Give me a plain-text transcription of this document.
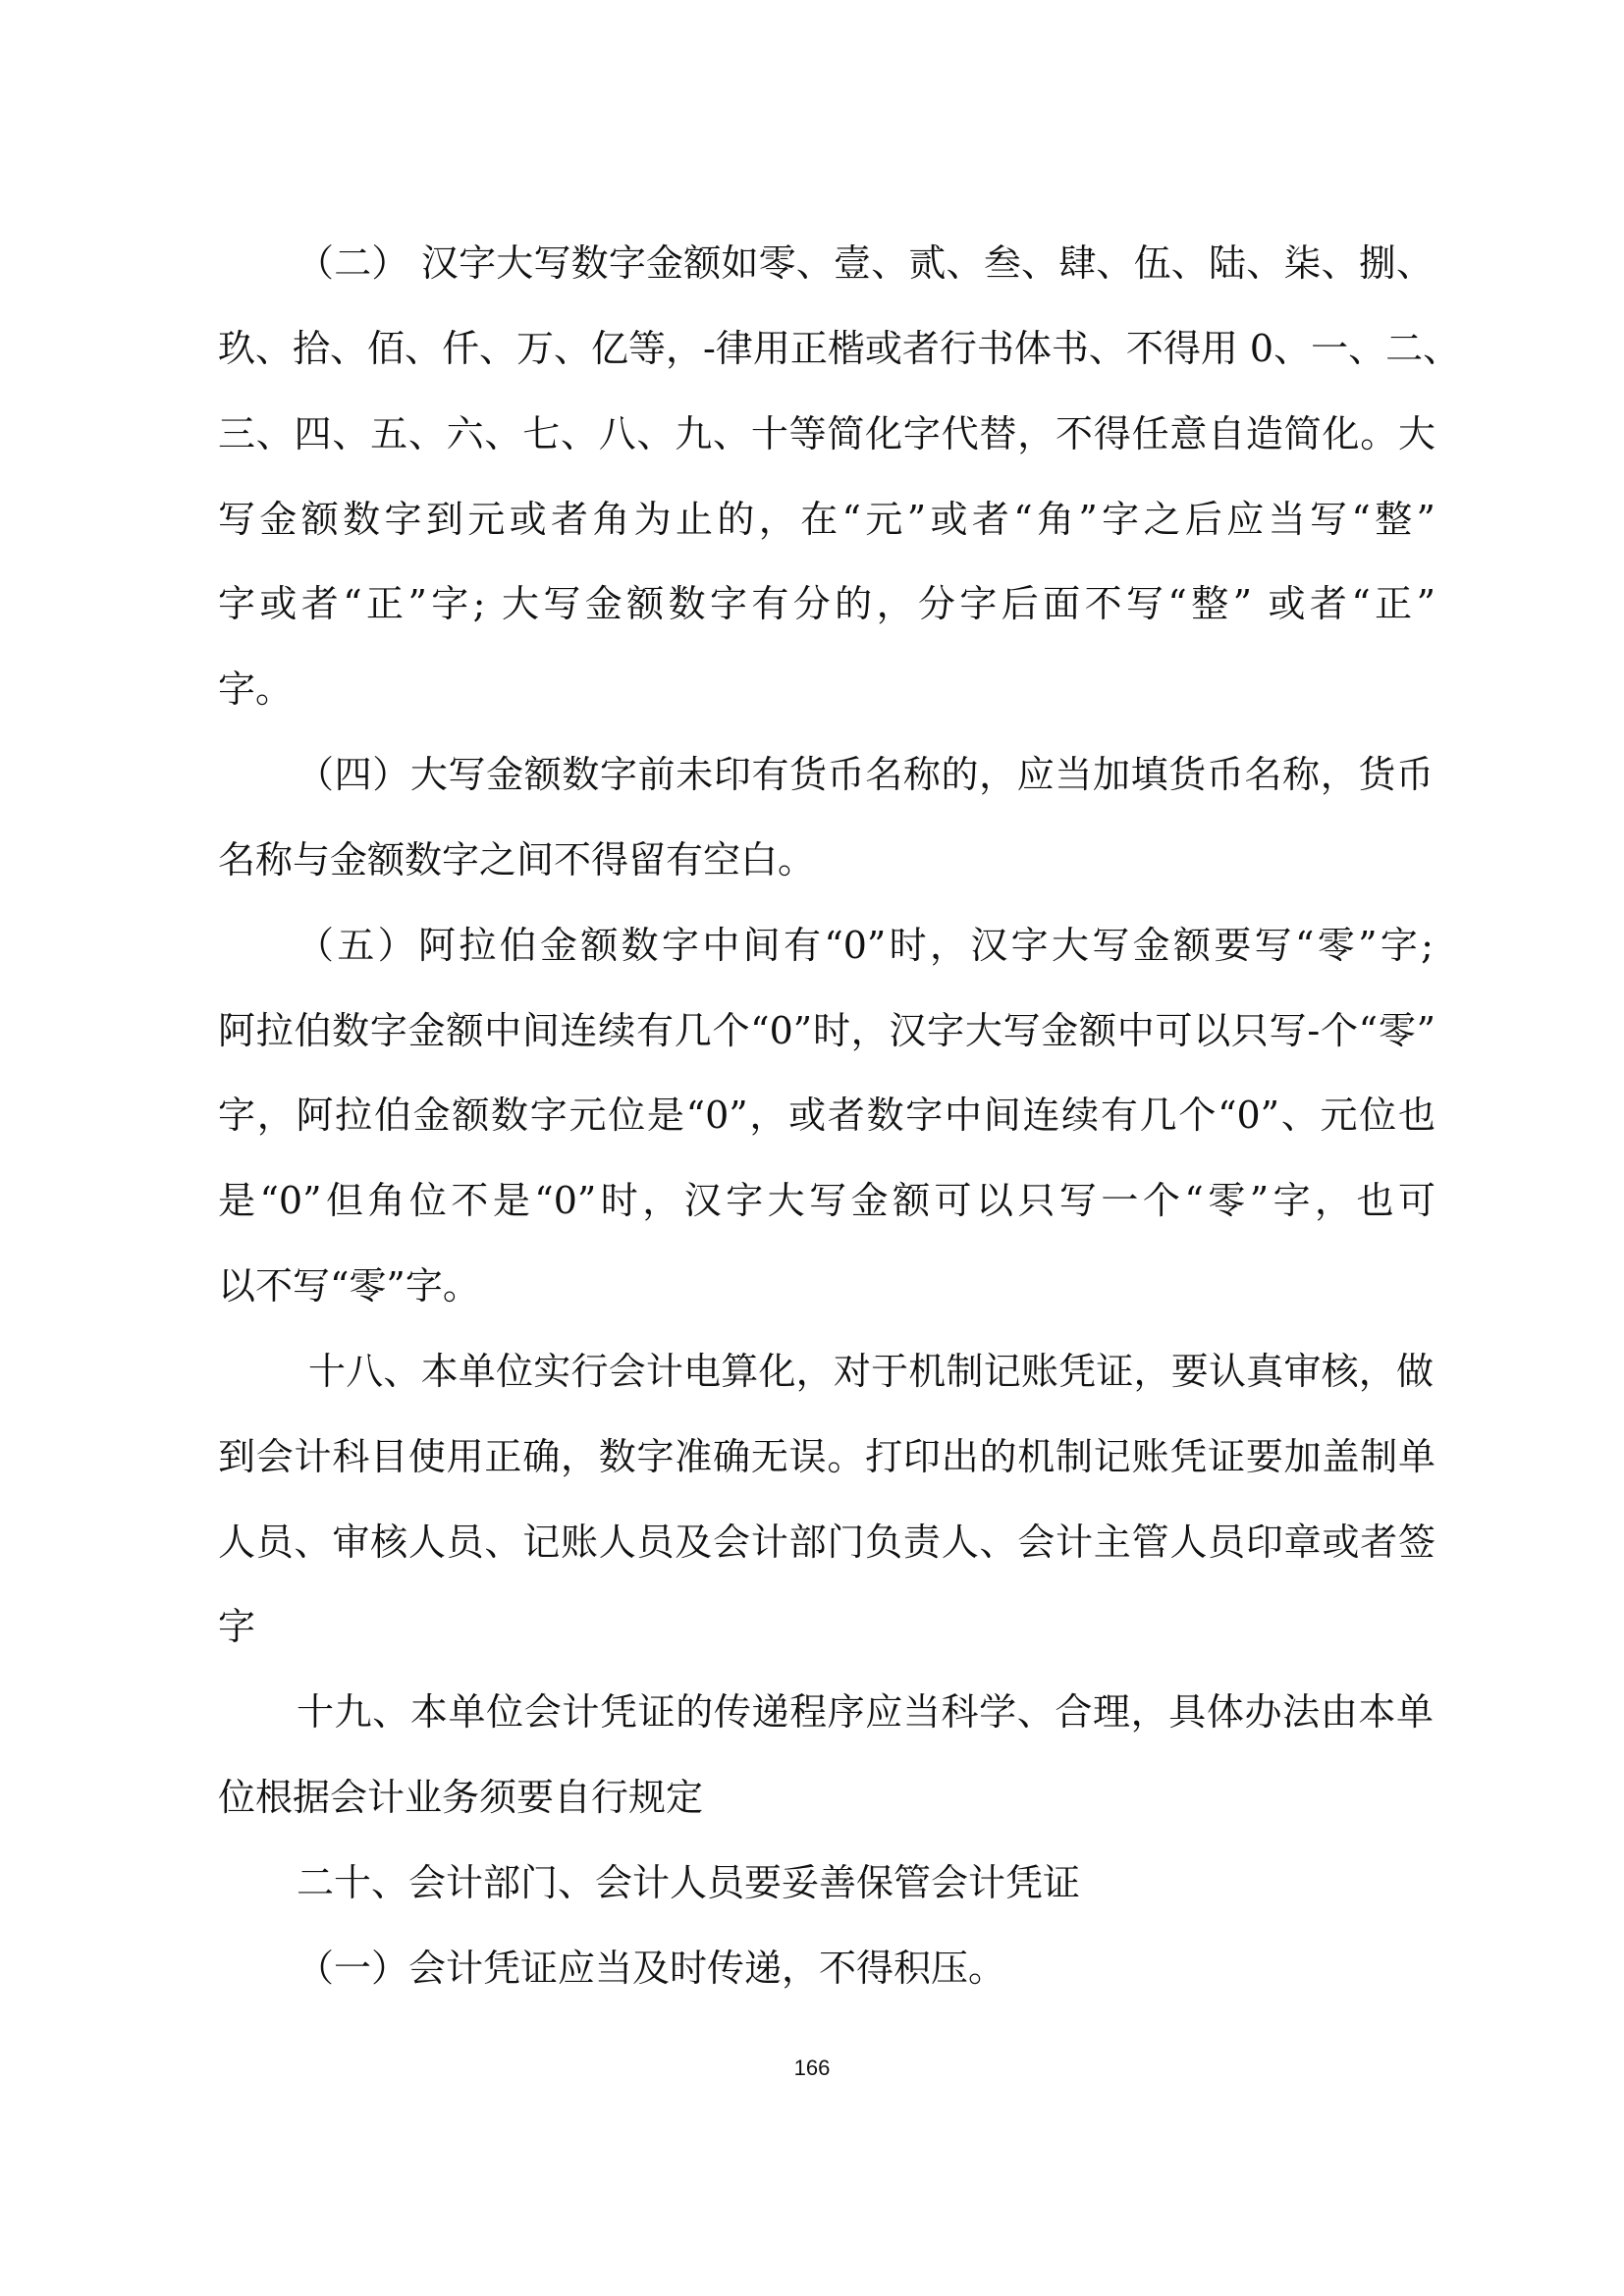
（二） 汉字大写数字金额如零、壹、贰、叁、肆、伍、陆、柒、捌、
玖、拾、佰、仟、万、亿等，-律用正楷或者行书体书、不得用 0、一、二、
三、四、五、六、七、八、九、十等简化字代替，不得任意自造简化。大
写金额数字到元或者角为止的，在“元”或者“角”字之后应当写“整”
字或者“正”字; 大写金额数字有分的，分字后面不写“整” 或者“正”
字。
（四）大写金额数字前未印有货币名称的，应当加填货币名称，货币
名称与金额数字之间不得留有空白。
（五）阿拉伯金额数字中间有“0”时，汉字大写金额要写“零”字;
阿拉伯数字金额中间连续有几个“0”时，汉字大写金额中可以只写-个“零”
字，阿拉伯金额数字元位是“0”，或者数字中间连续有几个“0”、元位也
是“0”但角位不是“0”时，汉字大写金额可以只写一个“零”字，也可
以不写“零”字。
十八、本单位实行会计电算化，对于机制记账凭证，要认真审核，做
到会计科目使用正确，数字准确无误。打印出的机制记账凭证要加盖制单
人员、审核人员、记账人员及会计部门负责人、会计主管人员印章或者签
字
十九、本单位会计凭证的传递程序应当科学、合理，具体办法由本单
位根据会计业务须要自行规定
二十、会计部门、会计人员要妥善保管会计凭证
（一）会计凭证应当及时传递，不得积压。
166
